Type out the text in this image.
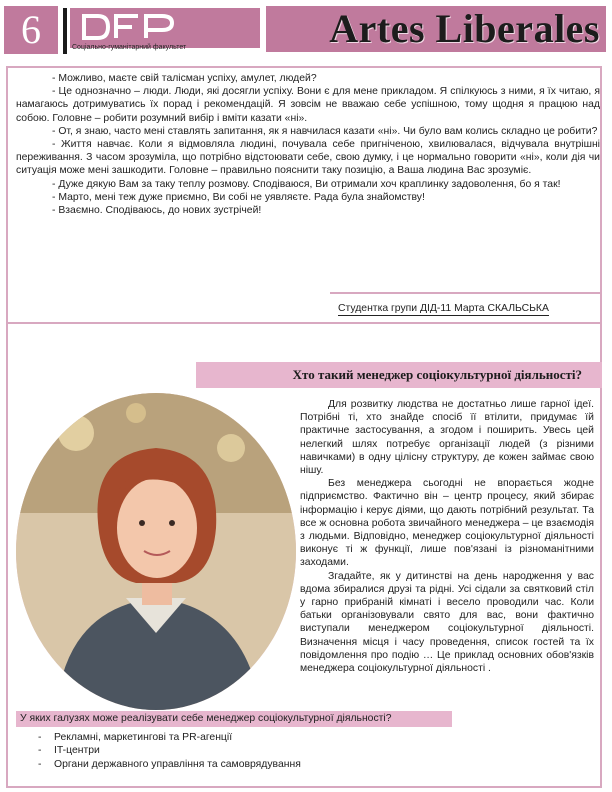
6	Соціально-гуманітарний факультет	Artes Liberales

- Можливо, маєте свій талісман успіху, амулет, людей?

- Це однозначно – люди. Люди, які досягли успіху. Вони є для мене прикладом. Я спілкуюсь з ними, я їх читаю, я намагаюсь дотримуватись їх порад і рекомендацій. Я зовсім не вважаю себе успішною, тому щодня я працюю над собою. Головне – робити розумний вибір і вміти казати «ні».

- От, я знаю, часто мені ставлять запитання, як я навчилася казати «ні». Чи було вам колись складно це робити?

- Життя навчає. Коли я відмовляла людині, почувала себе пригніченою, хвилювалася, відчувала внутрішні переживання. З часом зрозуміла, що потрібно відстоювати себе, свою думку, і це нормально говорити «ні», коли дія чи ситуація може мені зашкодити. Головне – правильно пояснити таку позицію, а Ваша людина Вас зрозуміє.

- Дуже дякую Вам за таку теплу розмову. Сподіваюся, Ви отримали хоч краплинку задоволення, бо я так!

- Марто, мені теж дуже приємно, Ви собі не уявляєте. Рада була знайомству!

- Взаємно. Сподіваюсь, до нових зустрічей!

Студентка групи ДІД-11 Марта СКАЛЬСЬКА
Хто такий менеджер соціокультурної діяльності?

Для розвитку людства не достатньо лише гарної ідеї. Потрібні ті, хто знайде спосіб її втілити, придумає їй практичне застосування, а згодом і поширить. Увесь цей нелегкий шлях потребує організації людей (з різними навичками) в одну цілісну структуру, де кожен займає свою нішу.

Без менеджера сьогодні не впорається жодне підприємство. Фактично він – центр процесу, який збирає інформацію і керує діями, що дають потрібний результат. Та все ж основна робота звичайного менеджера – це взаємодія з людьми. Відповідно, менеджер соціокультурної діяльності виконує ті ж функції, лише пов'язані із різноманітними заходами.

Згадайте, як у дитинстві на день народження у вас вдома збиралися друзі та рідні. Усі сідали за святковий стіл у гарно прибраній кімнаті і весело проводили час. Коли батьки організовували свято для вас, вони фактично виступали менеджером соціокультурної діяльності. Визначення місця і часу проведення, список гостей та їх повідомлення про подію … Це приклад основних обов'язків менеджера соціокультурної діяльності .

У яких галузях може реалізувати себе менеджер соціокультурної діяльності?
- Рекламні, маркетингові та PR-агенції
- IT-центри
- Органи державного управління та самоврядування
